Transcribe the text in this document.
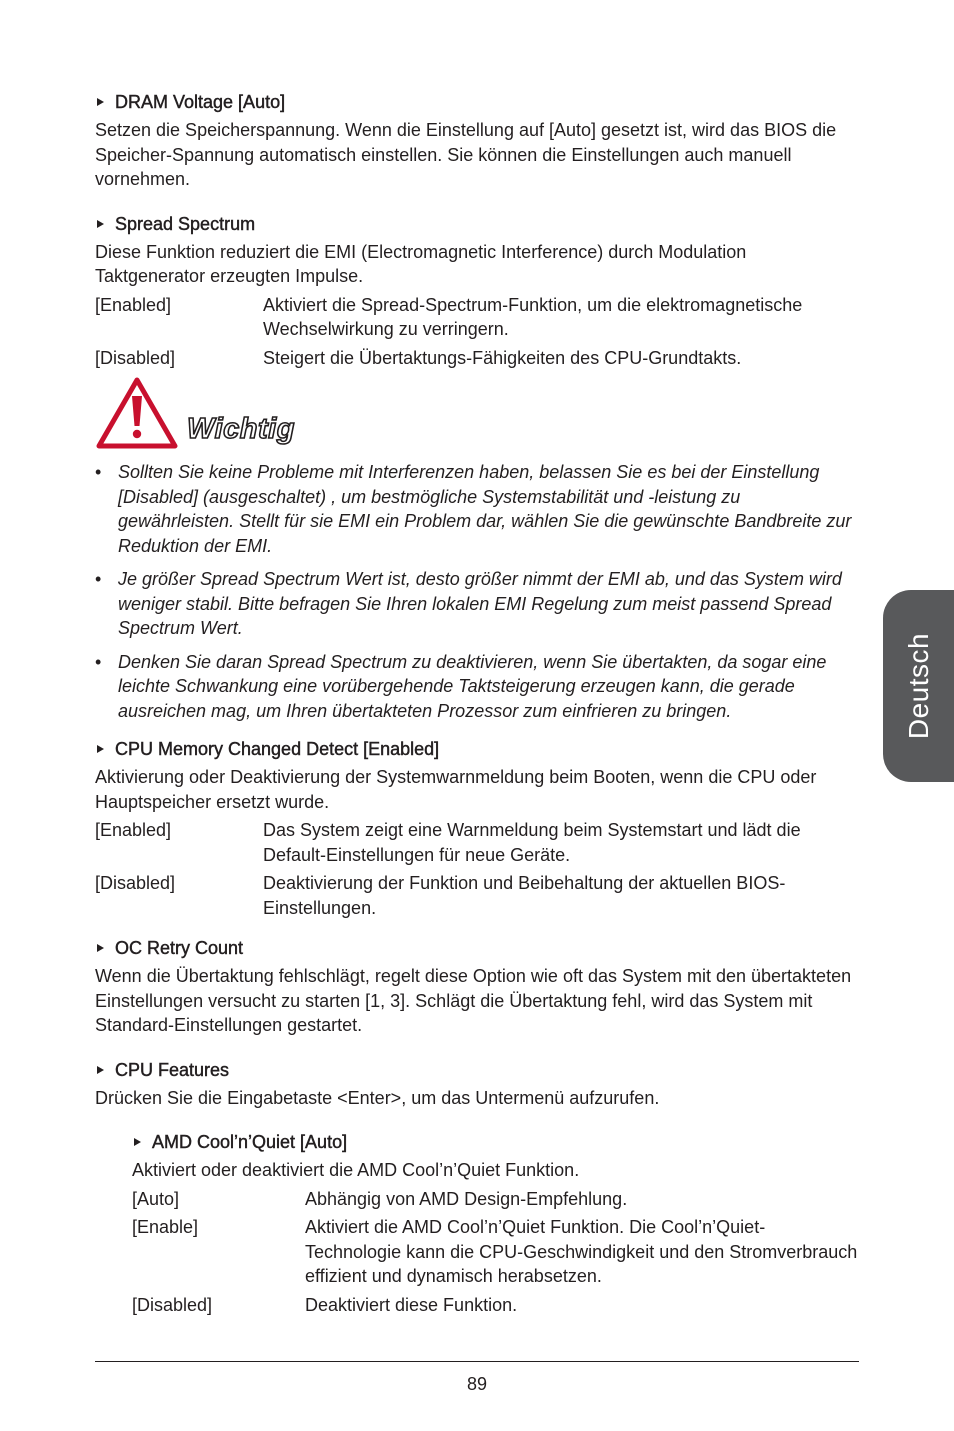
DRAM Voltage [Auto]

Setzen die Speicherspannung. Wenn die Einstellung auf [Auto] gesetzt ist, wird das BIOS die Speicher-Spannung automatisch einstellen. Sie können die Einstellungen auch manuell vornehmen.

Spread Spectrum

Diese Funktion reduziert die EMI (Electromagnetic Interference) durch Modulation Taktgenerator erzeugten Impulse.

[Enabled]	Aktiviert die Spread-Spectrum-Funktion, um die elektromagnetische Wechselwirkung zu verringern.
[Disabled]	Steigert die Übertaktungs-Fähigkeiten des CPU-Grundtakts.
Wichtig
• Sollten Sie keine Probleme mit Interferenzen haben, belassen Sie es bei der Einstellung [Disabled] (ausgeschaltet) , um bestmögliche Systemstabilität und -leistung zu gewährleisten. Stellt für sie EMI ein Problem dar, wählen Sie die gewünschte Bandbreite zur Reduktion der EMI.
• Je größer Spread Spectrum Wert ist, desto größer nimmt der EMI ab, und das System wird weniger stabil. Bitte befragen Sie Ihren lokalen EMI Regelung zum meist passend Spread Spectrum Wert.
• Denken Sie daran Spread Spectrum zu deaktivieren, wenn Sie übertakten, da sogar eine leichte Schwankung eine vorübergehende Taktsteigerung erzeugen kann, die gerade ausreichen mag, um Ihren übertakteten Prozessor zum einfrieren zu bringen.
CPU Memory Changed Detect [Enabled]

Aktivierung oder Deaktivierung der Systemwarnmeldung beim Booten, wenn die CPU oder Hauptspeicher ersetzt wurde.

[Enabled]	Das System zeigt eine Warnmeldung beim Systemstart und lädt die Default-Einstellungen für neue Geräte.
[Disabled]	Deaktivierung der Funktion und Beibehaltung der aktuellen BIOS-Einstellungen.
OC Retry Count

Wenn die Übertaktung fehlschlägt, regelt diese Option wie oft das System mit den übertakteten Einstellungen versucht zu starten [1, 3]. Schlägt die Übertaktung fehl, wird das System mit Standard-Einstellungen gestartet.

CPU Features

Drücken Sie die Eingabetaste <Enter>, um das Untermenü aufzurufen.

AMD Cool’n’Quiet [Auto]

Aktiviert oder deaktiviert die AMD Cool’n’Quiet Funktion.

[Auto]	Abhängig von AMD Design-Empfehlung.
[Enable]	Aktiviert die AMD Cool’n’Quiet Funktion. Die Cool’n’Quiet-Technologie kann die CPU-Geschwindigkeit und den Stromverbrauch effizient und dynamisch herabsetzen.
[Disabled]	Deaktiviert diese Funktion.
Deutsch
89
